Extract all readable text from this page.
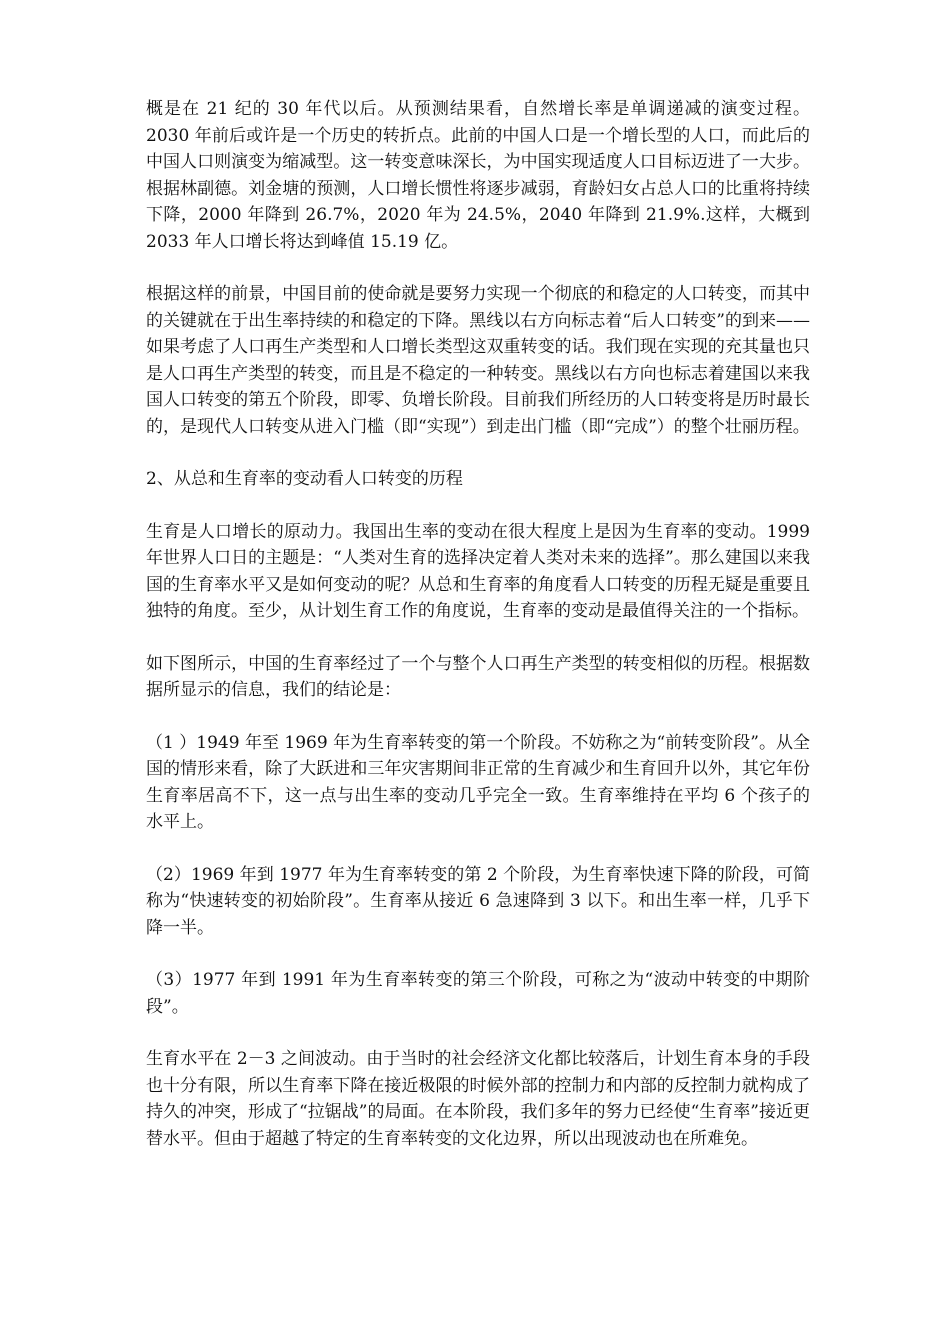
概是在 21 纪的 30 年代以后。从预测结果看，自然增长率是单调递减的演变过程。2030 年前后或许是一个历史的转折点。此前的中国人口是一个增长型的人口，而此后的中国人口则演变为缩减型。这一转变意味深长，为中国实现适度人口目标迈进了一大步。根据林副德。刘金塘的预测，人口增长惯性将逐步减弱，育龄妇女占总人口的比重将持续下降，2000 年降到 26.7%，2020 年为 24.5%，2040 年降到 21.9%.这样，大概到 2033 年人口增长将达到峰值 15.19 亿。

根据这样的前景，中国目前的使命就是要努力实现一个彻底的和稳定的人口转变，而其中的关键就在于出生率持续的和稳定的下降。黑线以右方向标志着“后人口转变”的到来——如果考虑了人口再生产类型和人口增长类型这双重转变的话。我们现在实现的充其量也只是人口再生产类型的转变，而且是不稳定的一种转变。黑线以右方向也标志着建国以来我国人口转变的第五个阶段，即零、负增长阶段。目前我们所经历的人口转变将是历时最长的，是现代人口转变从进入门槛（即“实现”）到走出门槛（即“完成”）的整个壮丽历程。

2、从总和生育率的变动看人口转变的历程

生育是人口增长的原动力。我国出生率的变动在很大程度上是因为生育率的变动。1999 年世界人口日的主题是：“人类对生育的选择决定着人类对未来的选择”。那么建国以来我国的生育率水平又是如何变动的呢？从总和生育率的角度看人口转变的历程无疑是重要且独特的角度。至少，从计划生育工作的角度说，生育率的变动是最值得关注的一个指标。

如下图所示，中国的生育率经过了一个与整个人口再生产类型的转变相似的历程。根据数据所显示的信息，我们的结论是：

（1 ）1949 年至 1969 年为生育率转变的第一个阶段。不妨称之为“前转变阶段”。从全国的情形来看，除了大跃进和三年灾害期间非正常的生育减少和生育回升以外，其它年份生育率居高不下，这一点与出生率的变动几乎完全一致。生育率维持在平均 6 个孩子的水平上。

（2）1969 年到 1977 年为生育率转变的第 2 个阶段，为生育率快速下降的阶段，可简称为“快速转变的初始阶段”。生育率从接近 6 急速降到 3 以下。和出生率一样，几乎下降一半。

（3）1977 年到 1991 年为生育率转变的第三个阶段，可称之为“波动中转变的中期阶段”。

生育水平在 2－3 之间波动。由于当时的社会经济文化都比较落后，计划生育本身的手段也十分有限，所以生育率下降在接近极限的时候外部的控制力和内部的反控制力就构成了持久的冲突，形成了“拉锯战”的局面。在本阶段，我们多年的努力已经使“生育率”接近更替水平。但由于超越了特定的生育率转变的文化边界，所以出现波动也在所难免。
